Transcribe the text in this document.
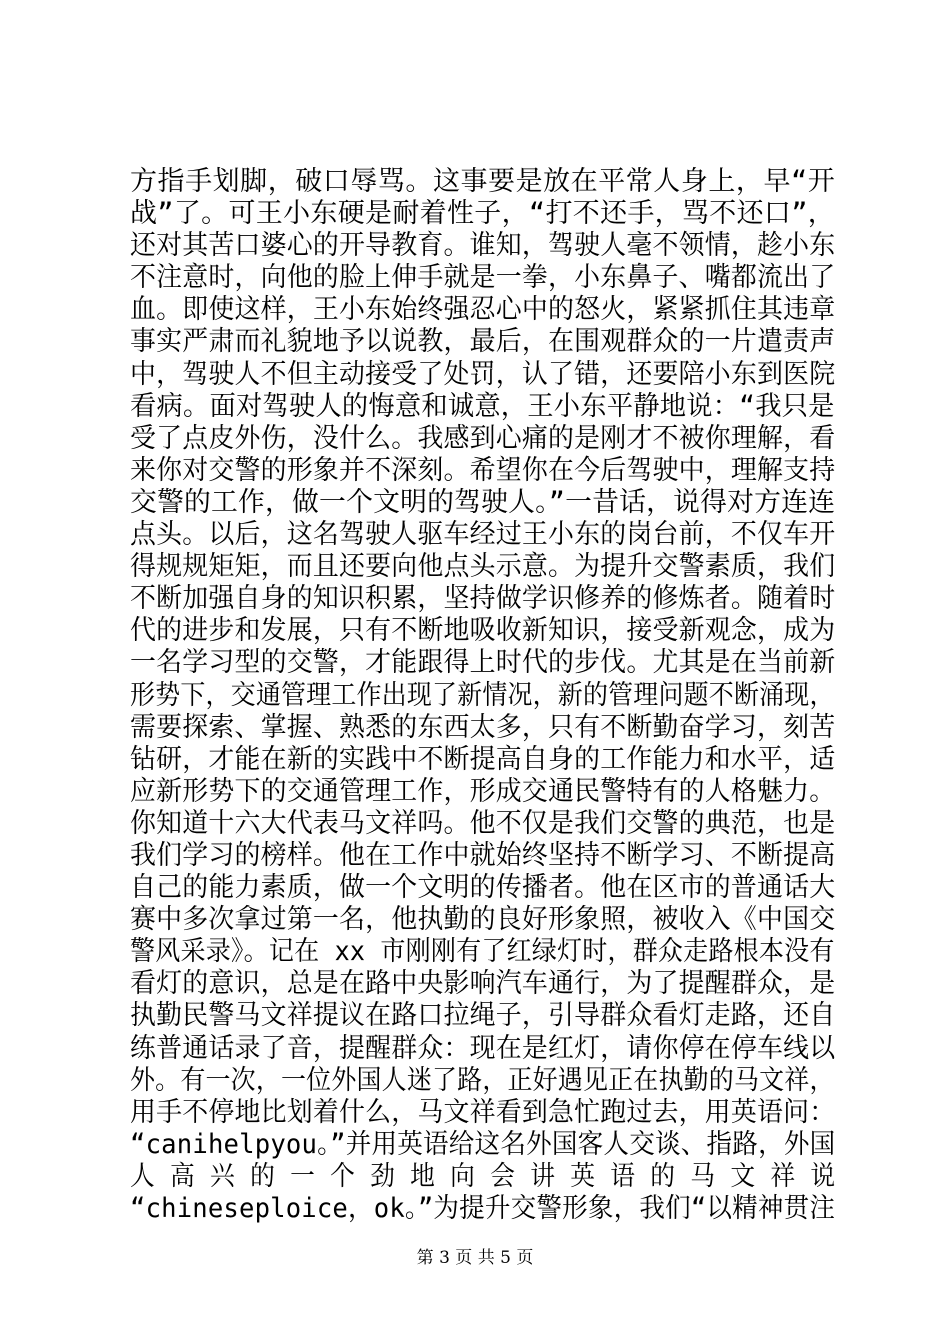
方指手划脚，破口辱骂。这事要是放在平常人身上，早“开
战”了。可王小东硬是耐着性子，“打不还手，骂不还口”，
还对其苦口婆心的开导教育。谁知，驾驶人毫不领情，趁小东
不注意时，向他的脸上伸手就是一拳，小东鼻子、嘴都流出了
血。即使这样，王小东始终强忍心中的怒火，紧紧抓住其违章
事实严肃而礼貌地予以说教，最后，在围观群众的一片遣责声
中，驾驶人不但主动接受了处罚，认了错，还要陪小东到医院
看病。面对驾驶人的悔意和诚意，王小东平静地说：“我只是
受了点皮外伤，没什么。我感到心痛的是刚才不被你理解，看
来你对交警的形象并不深刻。希望你在今后驾驶中，理解支持
交警的工作，做一个文明的驾驶人。”一昔话，说得对方连连
点头。以后，这名驾驶人驱车经过王小东的岗台前，不仅车开
得规规矩矩，而且还要向他点头示意。为提升交警素质，我们
不断加强自身的知识积累，坚持做学识修养的修炼者。随着时
代的进步和发展，只有不断地吸收新知识，接受新观念，成为
一名学习型的交警，才能跟得上时代的步伐。尤其是在当前新
形势下，交通管理工作出现了新情况，新的管理问题不断涌现，
需要探索、掌握、熟悉的东西太多，只有不断勤奋学习，刻苦
钻研，才能在新的实践中不断提高自身的工作能力和水平，适
应新形势下的交通管理工作，形成交通民警特有的人格魅力。
你知道十六大代表马文祥吗。他不仅是我们交警的典范，也是
我们学习的榜样。他在工作中就始终坚持不断学习、不断提高
自己的能力素质，做一个文明的传播者。他在区市的普通话大
赛中多次拿过第一名，他执勤的良好形象照，被收入《中国交
警风采录》。记在 xx 市刚刚有了红绿灯时，群众走路根本没有
看灯的意识，总是在路中央影响汽车通行，为了提醒群众，是
执勤民警马文祥提议在路口拉绳子，引导群众看灯走路，还自
练普通话录了音，提醒群众：现在是红灯，请你停在停车线以
外。有一次，一位外国人迷了路，正好遇见正在执勤的马文祥，
用手不停地比划着什么，马文祥看到急忙跑过去，用英语问：
“canihelpyou。”并用英语给这名外国客人交谈、指路，外国
人 高 兴 的 一 个 劲 地 向 会 讲 英 语 的 马 文 祥 说
“chineseploice，ok。”为提升交警形象，我们“以精神贯注
第 3 页 共 5 页
